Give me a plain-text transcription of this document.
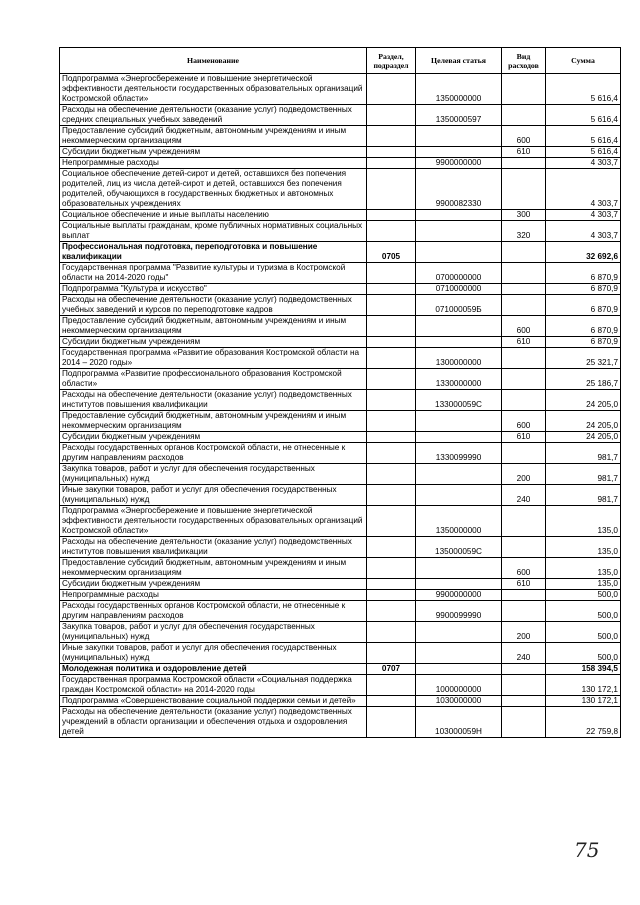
Наименование	Раздел, подраздел	Целевая статья	Вид расходов	Сумма
Подпрограмма «Энергосбережение и повышение энергетической эффективности деятельности государственных образовательных организаций Костромской области»		1350000000		5 616,4
Расходы на обеспечение деятельности (оказание услуг) подведомственных средних специальных учебных заведений		1350000597		5 616,4
Предоставление субсидий бюджетным, автономным учреждениям и иным некоммерческим организациям			600	5 616,4
Субсидии бюджетным учреждениям			610	5 616,4
Непрограммные расходы		9900000000		4 303,7
Социальное обеспечение детей-сирот и детей, оставшихся без попечения родителей, лиц из числа детей-сирот и детей, оставшихся без попечения родителей, обучающихся в государственных бюджетных и автономных образовательных учреждениях		9900082330		4 303,7
Социальное обеспечение и иные выплаты населению			300	4 303,7
Социальные выплаты гражданам, кроме публичных нормативных социальных выплат			320	4 303,7
Профессиональная подготовка, переподготовка и повышение квалификации	0705			32 692,6
Государственная программа "Развитие культуры и туризма в Костромской области на 2014-2020 годы"		0700000000		6 870,9
Подпрограмма "Культура и искусство"		0710000000		6 870,9
Расходы на обеспечение деятельности (оказание услуг) подведомственных учебных заведений и курсов по переподготовке кадров		071000059Б		6 870,9
Предоставление субсидий бюджетным, автономным учреждениям и иным некоммерческим организациям			600	6 870,9
Субсидии бюджетным учреждениям			610	6 870,9
Государственная программа «Развитие образования Костромской области на 2014 – 2020 годы»		1300000000		25 321,7
Подпрограмма «Развитие профессионального образования Костромской области»		1330000000		25 186,7
Расходы на обеспечение деятельности (оказание услуг) подведомственных институтов повышения квалификации		133000059С		24 205,0
Предоставление субсидий бюджетным, автономным учреждениям и иным некоммерческим организациям			600	24 205,0
Субсидии бюджетным учреждениям			610	24 205,0
Расходы государственных органов Костромской области, не отнесенные к другим направлениям расходов		1330099990		981,7
Закупка товаров, работ и услуг для обеспечения государственных (муниципальных) нужд			200	981,7
Иные закупки товаров, работ и услуг для обеспечения государственных (муниципальных) нужд			240	981,7
Подпрограмма «Энергосбережение и повышение энергетической эффективности деятельности государственных образовательных организаций Костромской области»		1350000000		135,0
Расходы на обеспечение деятельности (оказание услуг) подведомственных институтов повышения квалификации		135000059С		135,0
Предоставление субсидий бюджетным, автономным учреждениям и иным некоммерческим организациям			600	135,0
Субсидии бюджетным учреждениям			610	135,0
Непрограммные расходы		9900000000		500,0
Расходы государственных органов Костромской области, не отнесенные к другим направлениям расходов		9900099990		500,0
Закупка товаров, работ и услуг для обеспечения государственных (муниципальных) нужд			200	500,0
Иные закупки товаров, работ и услуг для обеспечения государственных (муниципальных) нужд			240	500,0
Молодежная политика и оздоровление детей	0707			158 394,5
Государственная программа Костромской области «Социальная поддержка граждан Костромской области» на 2014-2020 годы		1000000000		130 172,1
Подпрограмма «Совершенствование социальной поддержки семьи и детей»		1030000000		130 172,1
Расходы на обеспечение деятельности (оказание услуг) подведомственных учреждений в области организации и обеспечения отдыха и оздоровления детей		103000059Н		22 759,8
75
